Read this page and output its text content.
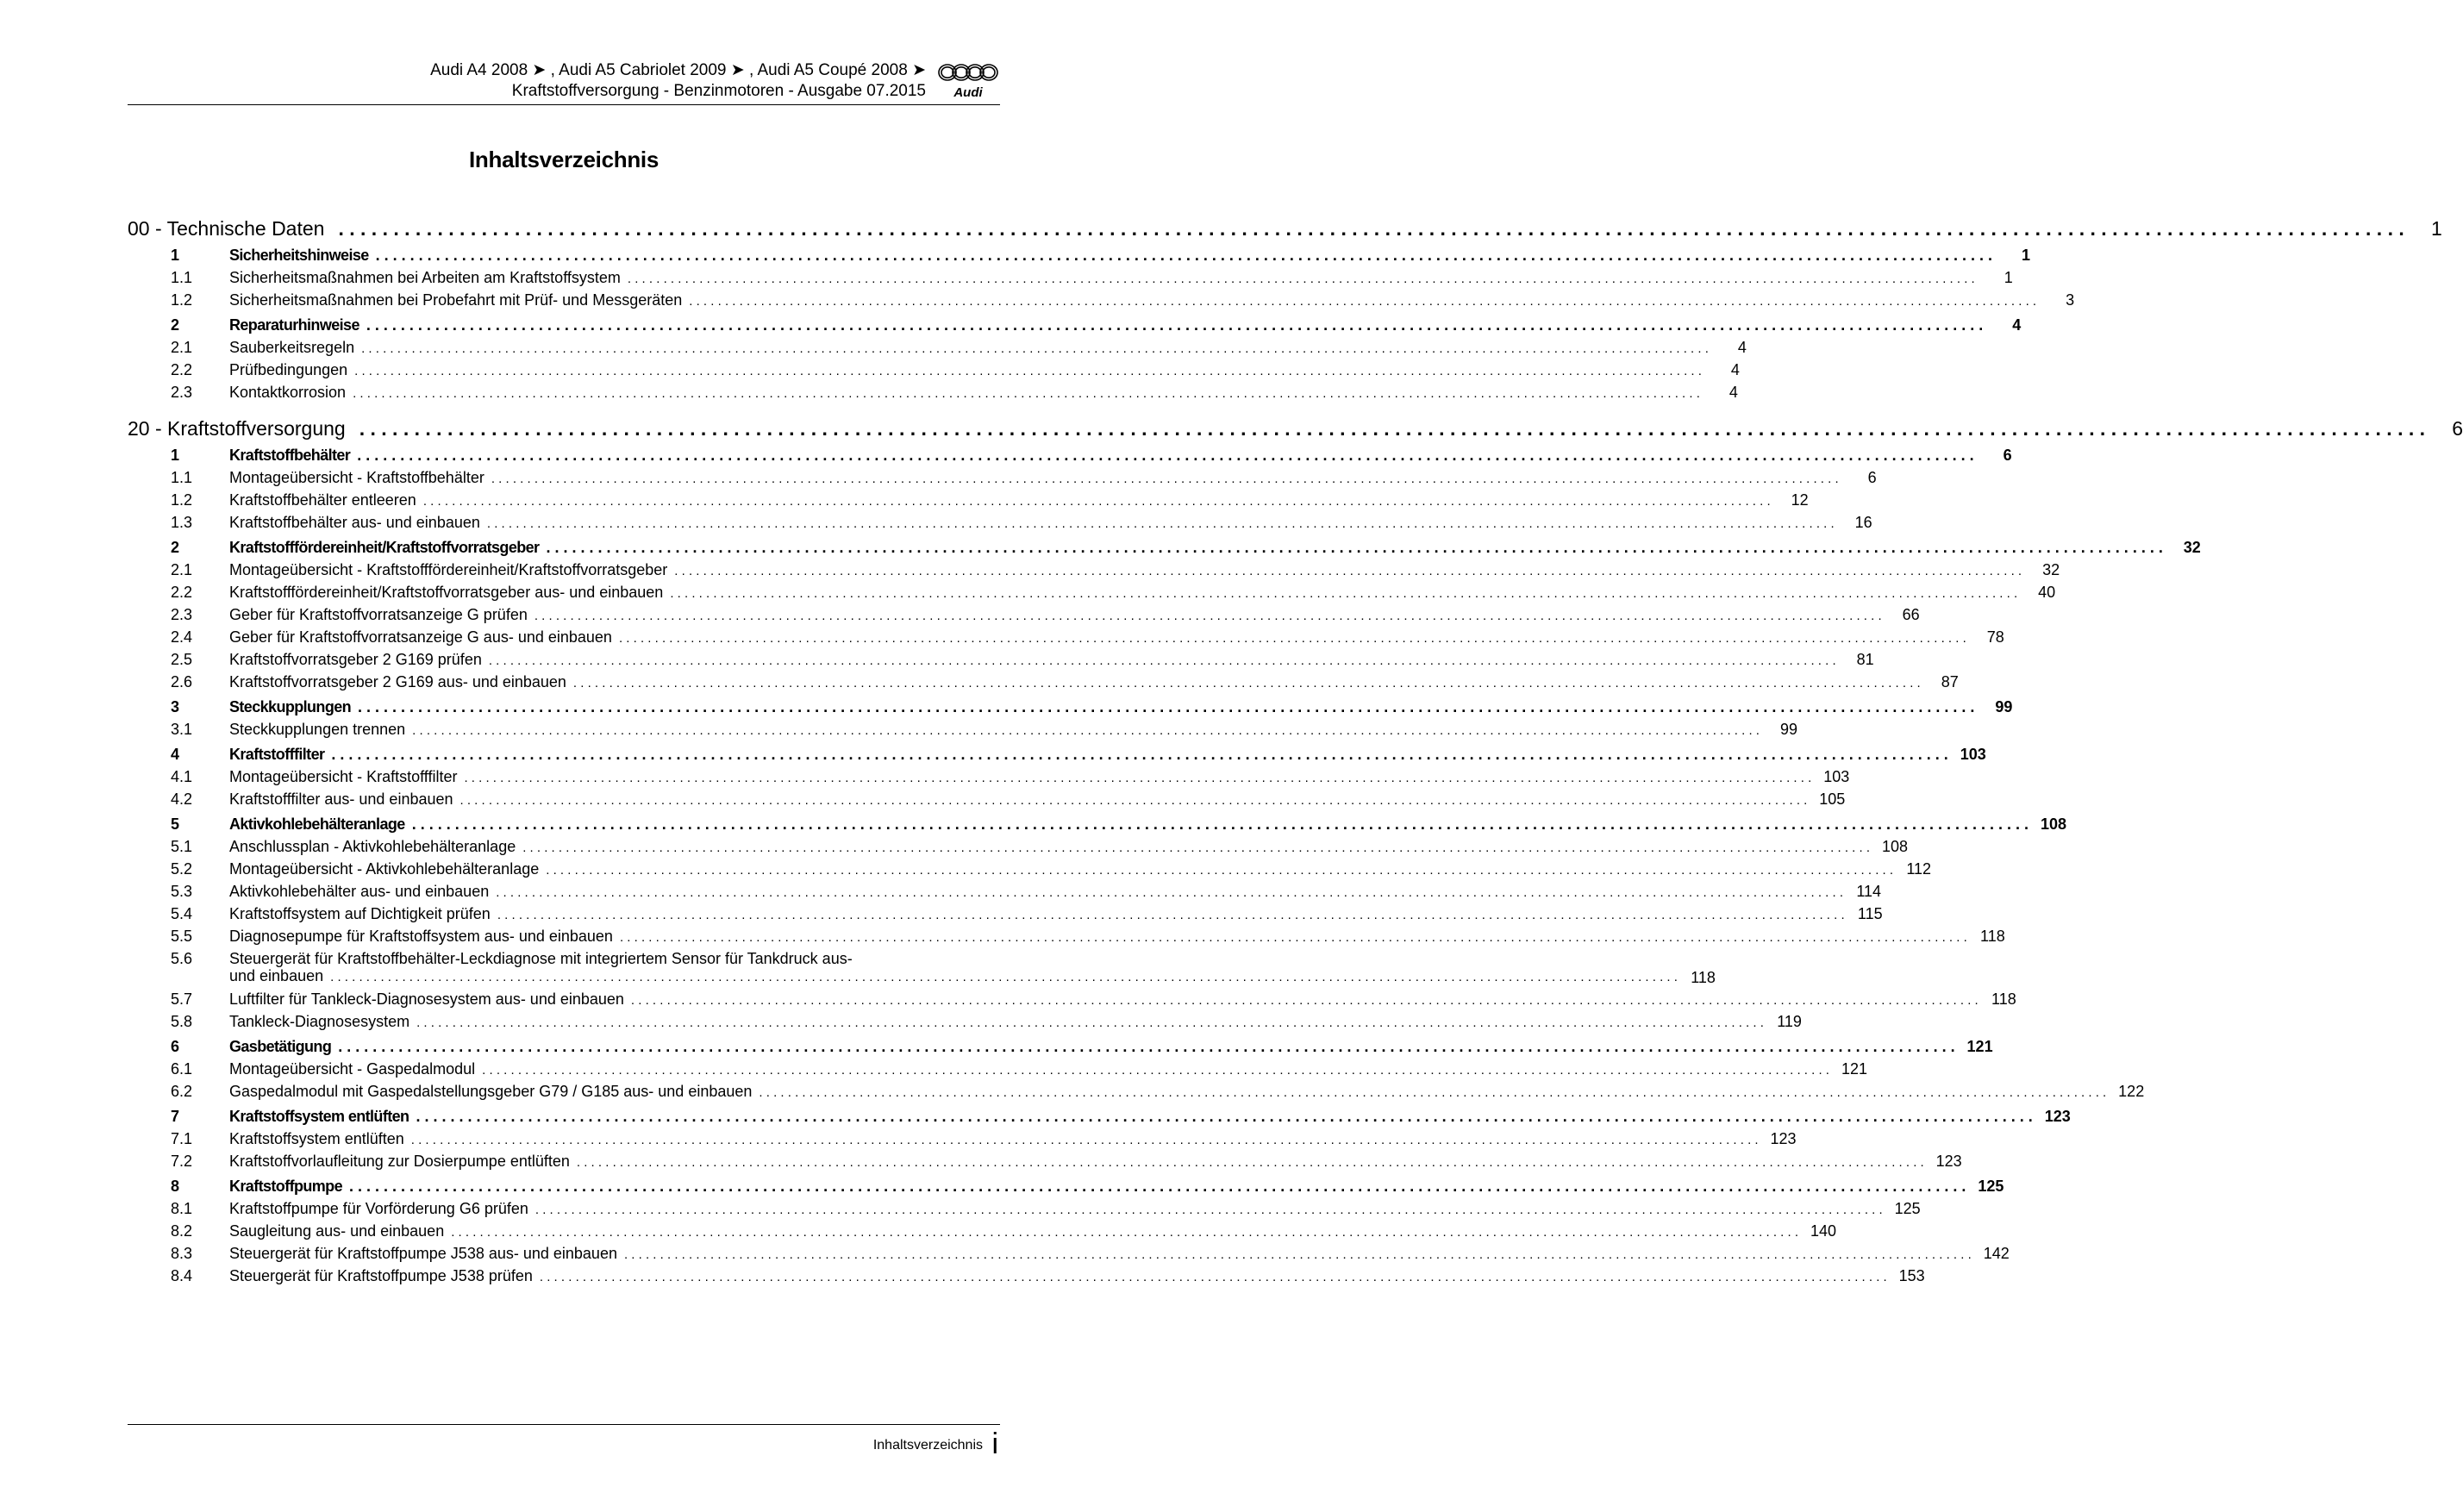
Audi A4 2008 ➤ , Audi A5 Cabriolet 2009 ➤ , Audi A5 Coupé 2008 ➤
Kraftstoffversorgung - Benzinmotoren - Ausgabe 07.2015 Audi
Inhaltsverzeichnis
00 - Technische Daten . . .	1
1	Sicherheitshinweise . . .	1
1.1	Sicherheitsmaßnahmen bei Arbeiten am Kraftstoffsystem . . .	1
1.2	Sicherheitsmaßnahmen bei Probefahrt mit Prüf- und Messgeräten . . .	3
2	Reparaturhinweise . . .	4
2.1	Sauberkeitsregeln . . .	4
2.2	Prüfbedingungen . . .	4
2.3	Kontaktkorrosion . . .	4
20 - Kraftstoffversorgung . . .	6
1	Kraftstoffbehälter . . .	6
1.1	Montageübersicht - Kraftstoffbehälter . . .	6
1.2	Kraftstoffbehälter entleeren . . .	12
1.3	Kraftstoffbehälter aus- und einbauen . . .	16
2	Kraftstofffördereinheit/Kraftstoffvorratsgeber . . .	32
2.1	Montageübersicht - Kraftstofffördereinheit/Kraftstoffvorratsgeber . . .	32
2.2	Kraftstofffördereinheit/Kraftstoffvorratsgeber aus- und einbauen . . .	40
2.3	Geber für Kraftstoffvorratsanzeige G prüfen . . .	66
2.4	Geber für Kraftstoffvorratsanzeige G aus- und einbauen . . .	78
2.5	Kraftstoffvorratsgeber 2 G169 prüfen . . .	81
2.6	Kraftstoffvorratsgeber 2 G169 aus- und einbauen . . .	87
3	Steckkupplungen . . .	99
3.1	Steckkupplungen trennen . . .	99
4	Kraftstofffilter . . .	103
4.1	Montageübersicht - Kraftstofffilter . . .	103
4.2	Kraftstofffilter aus- und einbauen . . .	105
5	Aktivkohlebehälteranlage . . .	108
5.1	Anschlussplan - Aktivkohlebehälteranlage . . .	108
5.2	Montageübersicht - Aktivkohlebehälteranlage . . .	112
5.3	Aktivkohlebehälter aus- und einbauen . . .	114
5.4	Kraftstoffsystem auf Dichtigkeit prüfen . . .	115
5.5	Diagnosepumpe für Kraftstoffsystem aus- und einbauen . . .	118
5.6	Steuergerät für Kraftstoffbehälter-Leckdiagnose mit integriertem Sensor für Tankdruck aus-
und einbauen . . .	118
5.7	Luftfilter für Tankleck-Diagnosesystem aus- und einbauen . . .	118
5.8	Tankleck-Diagnosesystem . . .	119
6	Gasbetätigung . . .	121
6.1	Montageübersicht - Gaspedalmodul . . .	121
6.2	Gaspedalmodul mit Gaspedalstellungsgeber G79 / G185 aus- und einbauen . . .	122
7	Kraftstoffsystem entlüften . . .	123
7.1	Kraftstoffsystem entlüften . . .	123
7.2	Kraftstoffvorlaufleitung zur Dosierpumpe entlüften . . .	123
8	Kraftstoffpumpe . . .	125
8.1	Kraftstoffpumpe für Vorförderung G6 prüfen . . .	125
8.2	Saugleitung aus- und einbauen . . .	140
8.3	Steuergerät für Kraftstoffpumpe J538 aus- und einbauen . . .	142
8.4	Steuergerät für Kraftstoffpumpe J538 prüfen . . .	153
Inhaltsverzeichnis i
